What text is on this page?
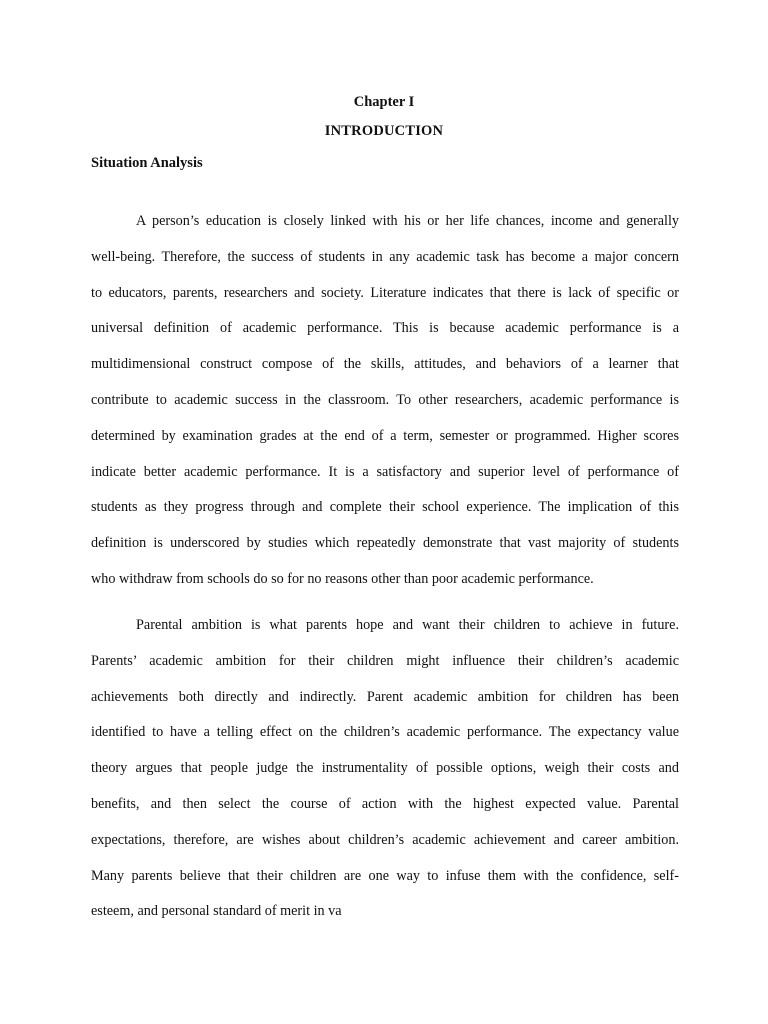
Chapter I
INTRODUCTION
Situation Analysis
A person’s education is closely linked with his or her life chances, income and generally
well-being. Therefore, the success of students in any academic task has become a major concern
to educators, parents, researchers and society. Literature indicates that there is lack of specific or
universal definition of academic performance. This is because academic performance is a
multidimensional construct compose of the skills, attitudes, and behaviors of a learner that
contribute to academic success in the classroom. To other researchers, academic performance is
determined by examination grades at the end of a term, semester or programmed. Higher scores
indicate better academic performance. It is a satisfactory and superior level of performance of
students as they progress through and complete their school experience. The implication of this
definition is underscored by studies which repeatedly demonstrate that vast majority of students
who withdraw from schools do so for no reasons other than poor academic performance.
Parental ambition is what parents hope and want their children to achieve in future.
Parents’ academic ambition for their children might influence their children’s academic
achievements both directly and indirectly. Parent academic ambition for children has been
identified to have a telling effect on the children’s academic performance. The expectancy value
theory argues that people judge the instrumentality of possible options, weigh their costs and
benefits, and then select the course of action with the highest expected value. Parental
expectations, therefore, are wishes about children’s academic achievement and career ambition.
Many parents believe that their children are one way to infuse them with the confidence, self-
esteem, and personal standard of merit in va
